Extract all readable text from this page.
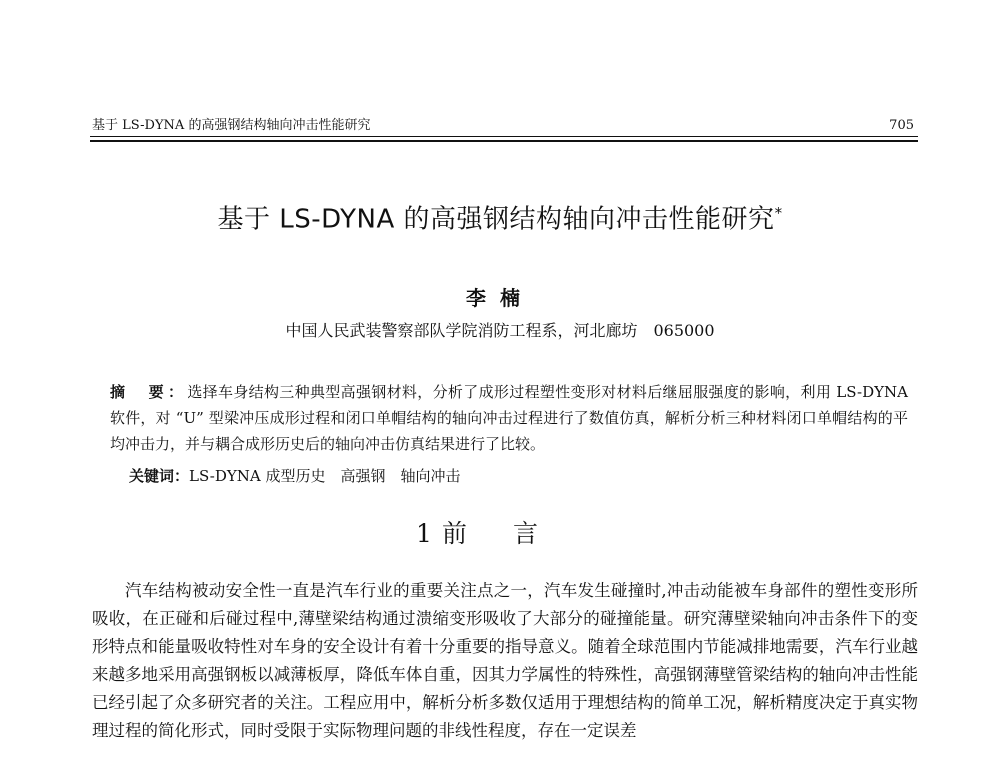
基于 LS-DYNA 的高强钢结构轴向冲击性能研究	705
基于 LS-DYNA 的高强钢结构轴向冲击性能研究*
李楠
中国人民武装警察部队学院消防工程系，河北廊坊　065000
摘　要：选择车身结构三种典型高强钢材料，分析了成形过程塑性变形对材料后继屈服强度的影响，利用 LS-DYNA 软件，对 “U” 型梁冲压成形过程和闭口单帽结构的轴向冲击过程进行了数值仿真，解析分析三种材料闭口单帽结构的平均冲击力，并与耦合成形历史后的轴向冲击仿真结果进行了比较。
关键词：LS-DYNA 成型历史　高强钢　轴向冲击
1 前言
汽车结构被动安全性一直是汽车行业的重要关注点之一，汽车发生碰撞时,冲击动能被车身部件的塑性变形所吸收，在正碰和后碰过程中,薄壁梁结构通过溃缩变形吸收了大部分的碰撞能量。研究薄壁梁轴向冲击条件下的变形特点和能量吸收特性对车身的安全设计有着十分重要的指导意义。随着全球范围内节能减排地需要，汽车行业越来越多地采用高强钢板以减薄板厚，降低车体自重，因其力学属性的特殊性，高强钢薄壁管梁结构的轴向冲击性能已经引起了众多研究者的关注。工程应用中，解析分析多数仅适用于理想结构的简单工况，解析精度决定于真实物理过程的简化形式，同时受限于实际物理问题的非线性程度，存在一定误差
